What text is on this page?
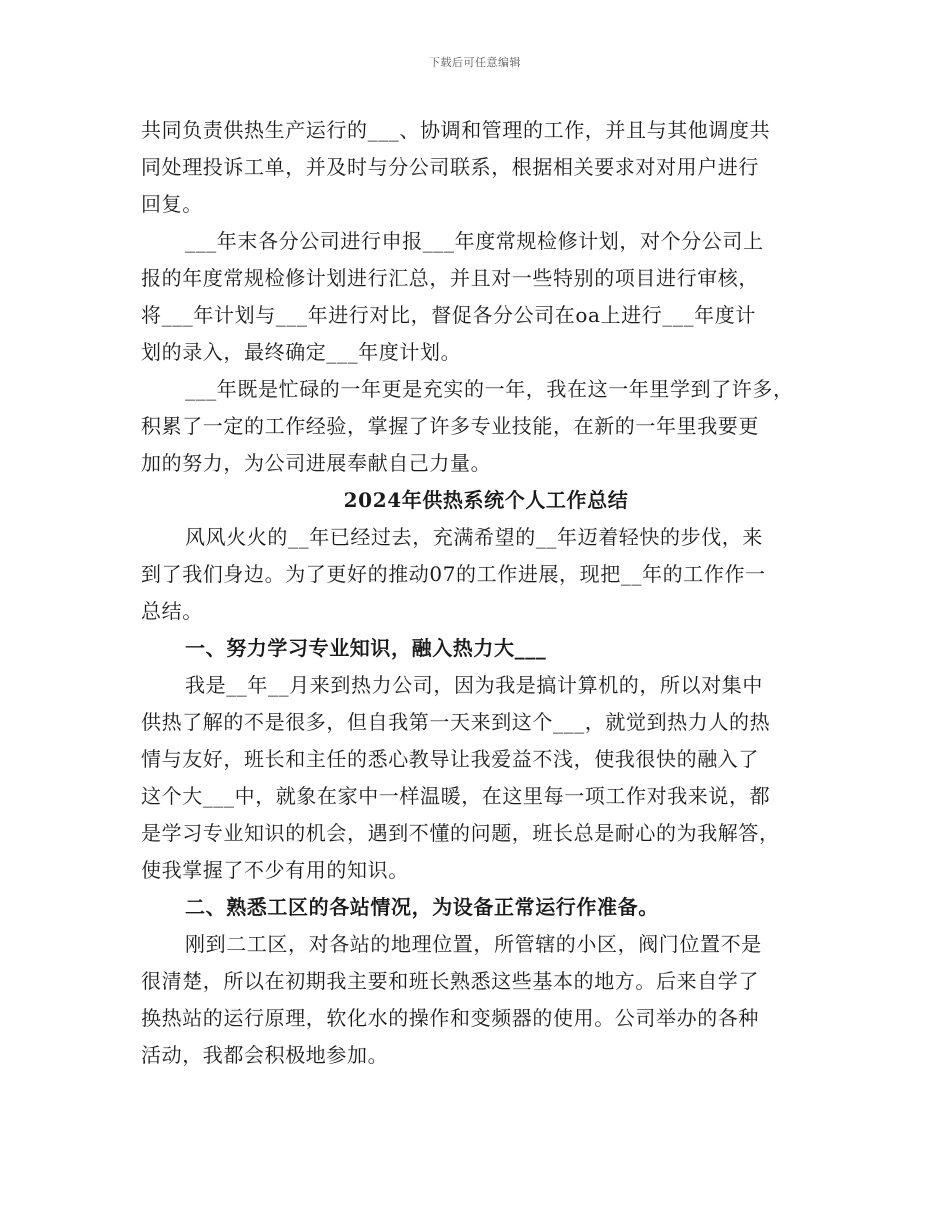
下载后可任意编辑
共同负责供热生产运行的___、协调和管理的工作，并且与其他调度共
同处理投诉工单，并及时与分公司联系，根据相关要求对对用户进行
回复。
___年末各分公司进行申报___年度常规检修计划，对个分公司上
报的年度常规检修计划进行汇总，并且对一些特别的项目进行审核，
将___年计划与___年进行对比，督促各分公司在oa上进行___年度计
划的录入，最终确定___年度计划。
___年既是忙碌的一年更是充实的一年，我在这一年里学到了许多，
积累了一定的工作经验，掌握了许多专业技能，在新的一年里我要更
加的努力，为公司进展奉献自己力量。
2024年供热系统个人工作总结
风风火火的__年已经过去，充满希望的__年迈着轻快的步伐，来
到了我们身边。为了更好的推动07的工作进展，现把__年的工作作一
总结。
一、努力学习专业知识，融入热力大___
我是__年__月来到热力公司，因为我是搞计算机的，所以对集中
供热了解的不是很多，但自我第一天来到这个___，就觉到热力人的热
情与友好，班长和主任的悉心教导让我爱益不浅，使我很快的融入了
这个大___中，就象在家中一样温暖，在这里每一项工作对我来说，都
是学习专业知识的机会，遇到不懂的问题，班长总是耐心的为我解答，
使我掌握了不少有用的知识。
二、熟悉工区的各站情况，为设备正常运行作准备。
刚到二工区，对各站的地理位置，所管辖的小区，阀门位置不是
很清楚，所以在初期我主要和班长熟悉这些基本的地方。后来自学了
换热站的运行原理，软化水的操作和变频器的使用。公司举办的各种
活动，我都会积极地参加。
